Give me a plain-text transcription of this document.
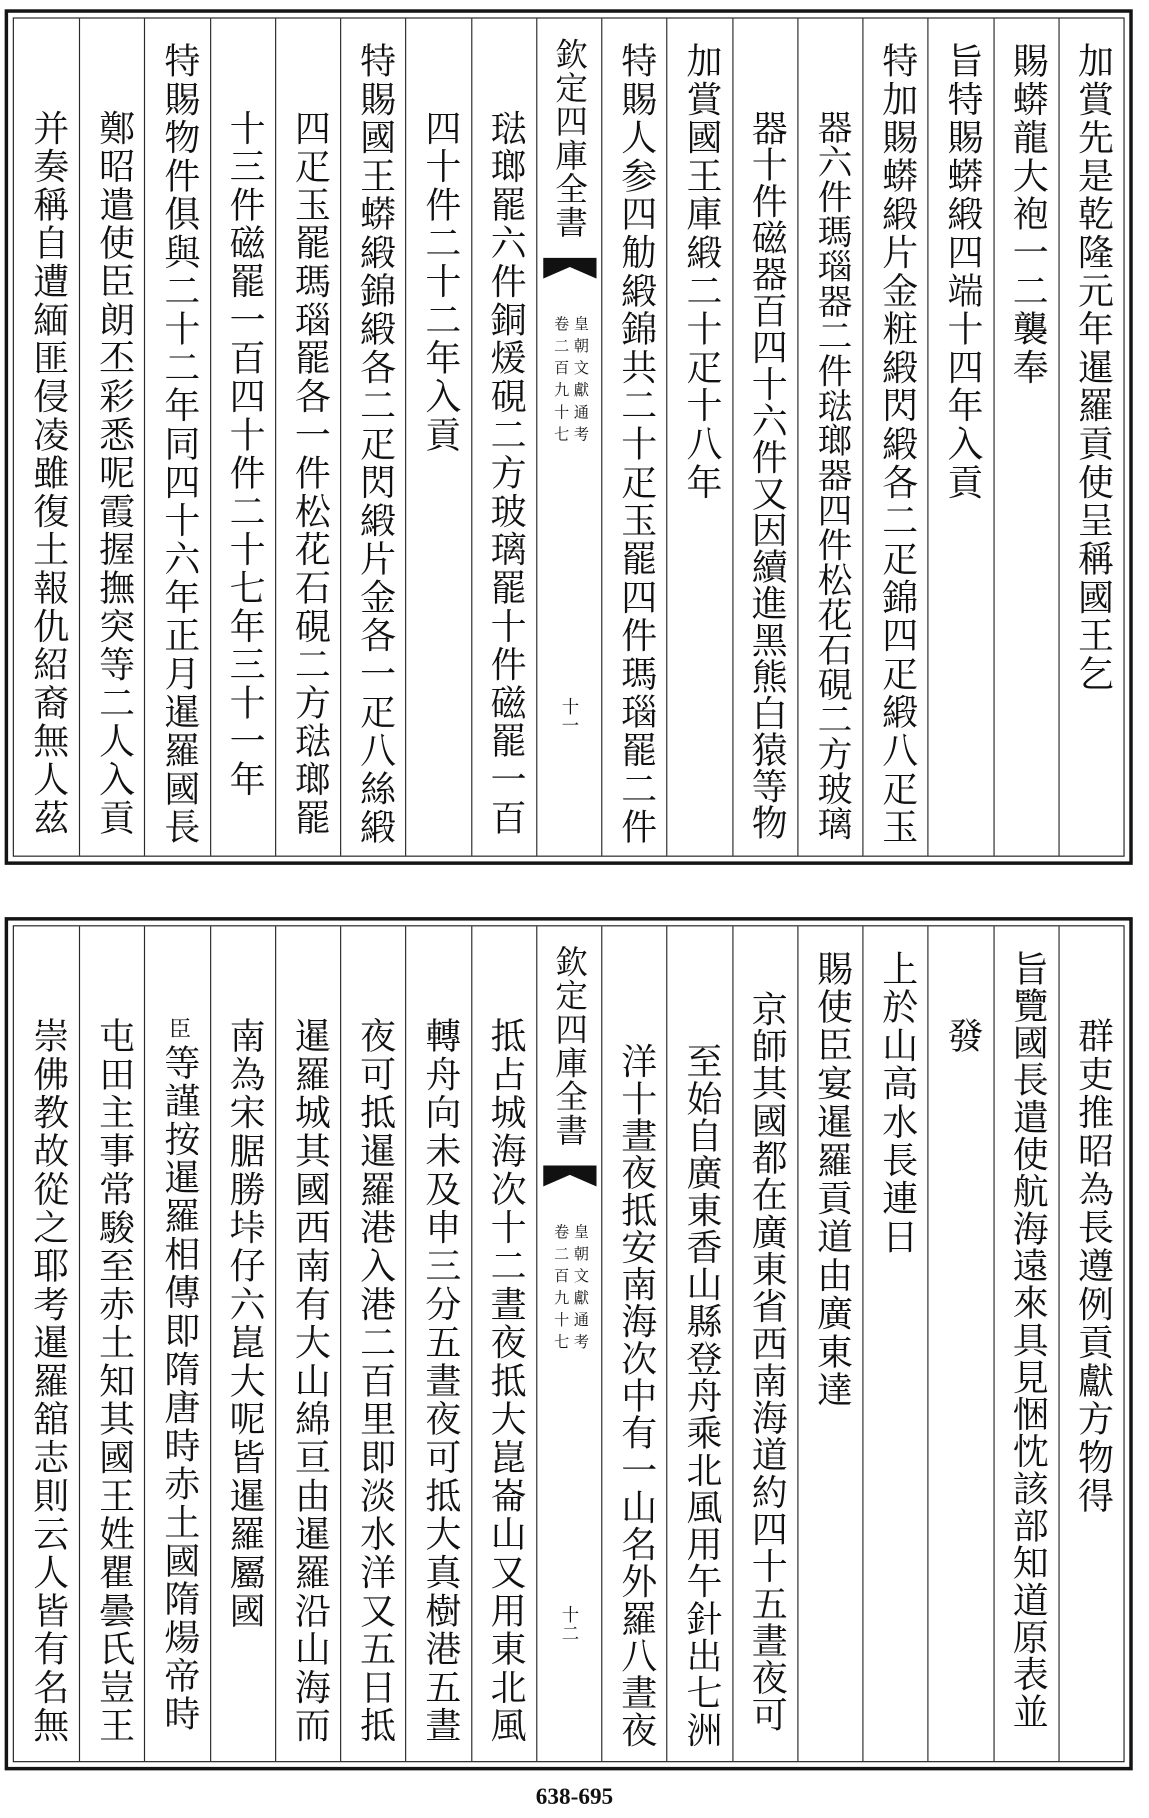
加賞先是乾隆元年暹羅貢使呈稱國王乞
賜蟒龍大袍一二襲奉
旨特賜蟒緞四端十四年入貢
特加賜蟒緞片金粧緞閃緞各二疋錦四疋緞八疋玉
器六件瑪瑙器二件琺瑯器四件松花石硯二方玻璃
器十件磁器百四十六件又因續進黑熊白猿等物
加賞國王庫緞二十疋十八年
特賜人参四觔緞錦共二十疋玉罷四件瑪瑙罷二件
欽定四庫全書
皇朝文獻通考
卷二百九十七
十一
琺瑯罷六件銅煖硯二方玻璃罷十件磁罷一百
四十件二十二年入貢
特賜國王蟒緞錦緞各二疋閃緞片金各一疋八絲緞
四疋玉罷瑪瑙罷各一件松花石硯二方琺瑯罷
十三件磁罷一百四十件二十七年三十一年
特賜物件俱與二十二年同四十六年正月暹羅國長
鄭昭遣使臣朗丕彩悉呢霞握撫突等二人入貢
并奏稱自遭緬匪侵凌雖復土報仇紹裔無人茲
群吏推昭為長遵例貢獻方物得
旨覽國長遣使航海遠來具見悃忱該部知道原表並
發
上於山高水長連日
賜使臣宴暹羅貢道由廣東達
京師其國都在廣東省西南海道約四十五晝夜可
至始自廣東香山縣登舟乘北風用午針出七洲
洋十晝夜抵安南海次中有一山名外羅八晝夜
欽定四庫全書
皇朝文獻通考
卷二百九十七
十二
抵占城海次十二晝夜抵大崑崙山又用東北風
轉舟向未及申三分五晝夜可抵大真樹港五晝
夜可抵暹羅港入港二百里即淡水洋又五日抵
暹羅城其國西南有大山綿亘由暹羅沿山海而
南為宋腒勝垰仔六崑大呢皆暹羅屬國
臣等謹按暹羅相傳即隋唐時赤土國隋煬帝時
屯田主事常駿至赤土知其國王姓瞿曇氏豈王
崇佛教故從之耶考暹羅舘志則云人皆有名無
638-695
